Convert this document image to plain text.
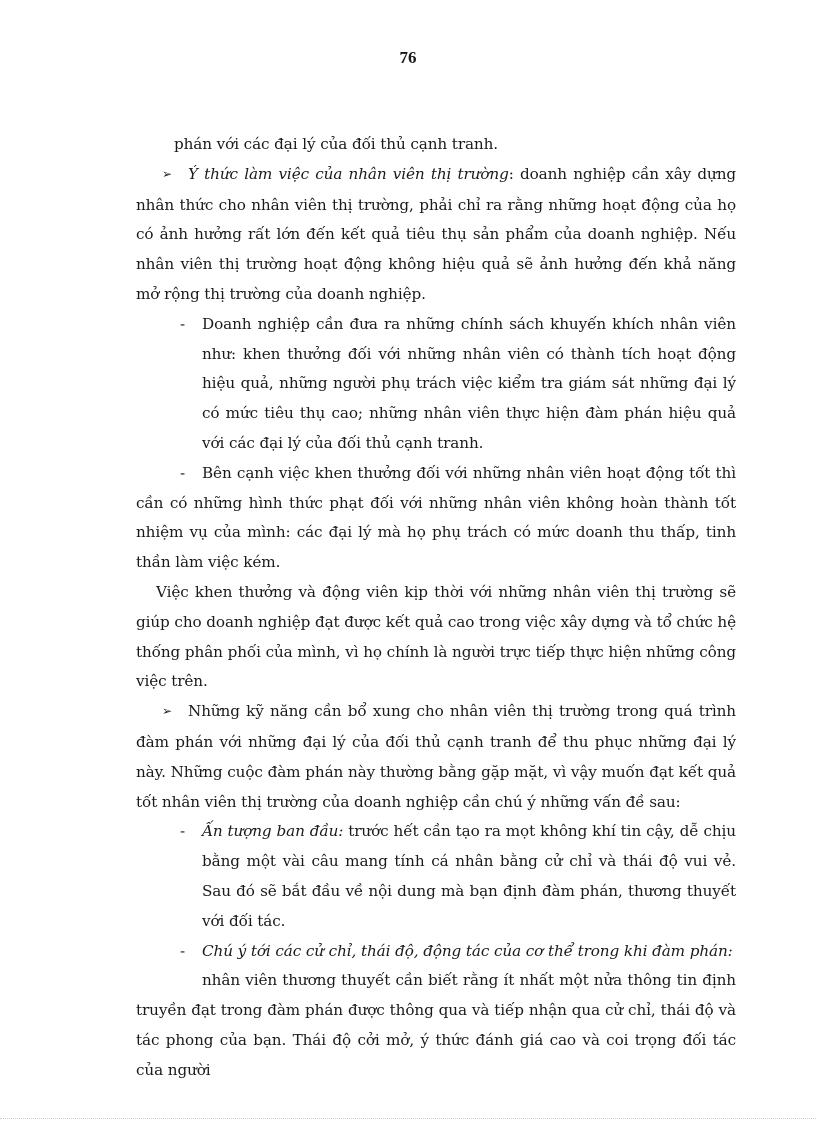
76

phán với các đại lý của đối thủ cạnh tranh.

➢ Ý thức làm việc của nhân viên thị trường: doanh nghiệp cần xây dựng nhân thức cho nhân viên thị trường, phải chỉ ra rằng những hoạt động của họ có ảnh hưởng rất lớn đến kết quả tiêu thụ sản phẩm của doanh nghiệp. Nếu nhân viên thị trường hoạt động không hiệu quả sẽ ảnh hưởng đến khả năng mở rộng thị trường của doanh nghiệp.

- Doanh nghiệp cần đưa ra những chính sách khuyến khích nhân viên như: khen thưởng đối với những nhân viên có thành tích hoạt động hiệu quả, những người phụ trách việc kiểm tra giám sát những đại lý có mức tiêu thụ cao; những nhân viên thực hiện đàm phán hiệu quả với các đại lý của đối thủ cạnh tranh.

- Bên cạnh việc khen thưởng đối với những nhân viên hoạt động tốt thì cần có những hình thức phạt đối với những nhân viên không hoàn thành tốt nhiệm vụ của mình: các đại lý mà họ phụ trách có mức doanh thu thấp, tinh thần làm việc kém.

Việc khen thưởng và động viên kịp thời với những nhân viên thị trường sẽ giúp cho doanh nghiệp đạt được kết quả cao trong việc xây dựng và tổ chức hệ thống phân phối của mình, vì họ chính là người trực tiếp thực hiện những công việc trên.

➢ Những kỹ năng cần bổ xung cho nhân viên thị trường trong quá trình đàm phán với những đại lý của đối thủ cạnh tranh để thu phục những đại lý này. Những cuộc đàm phán này thường bằng gặp mặt, vì vậy muốn đạt kết quả tốt nhân viên thị trường của doanh nghiệp cần chú ý những vấn đề sau:

- Ấn tượng ban đầu: trước hết cần tạo ra mọt không khí tin cậy, dễ chịu bằng một vài câu mang tính cá nhân bằng cử chỉ và thái độ vui vẻ. Sau đó sẽ bắt đầu về nội dung mà bạn định đàm phán, thương thuyết với đối tác.

- Chú ý tới các cử chỉ, thái độ, động tác của cơ thể trong khi đàm phán:

nhân viên thương thuyết cần biết rằng ít nhất một nửa thông tin định truyền đạt trong đàm phán được thông qua và tiếp nhận qua cử chỉ, thái độ và tác phong của bạn. Thái độ cởi mở, ý thức đánh giá cao và coi trọng đối tác của người
